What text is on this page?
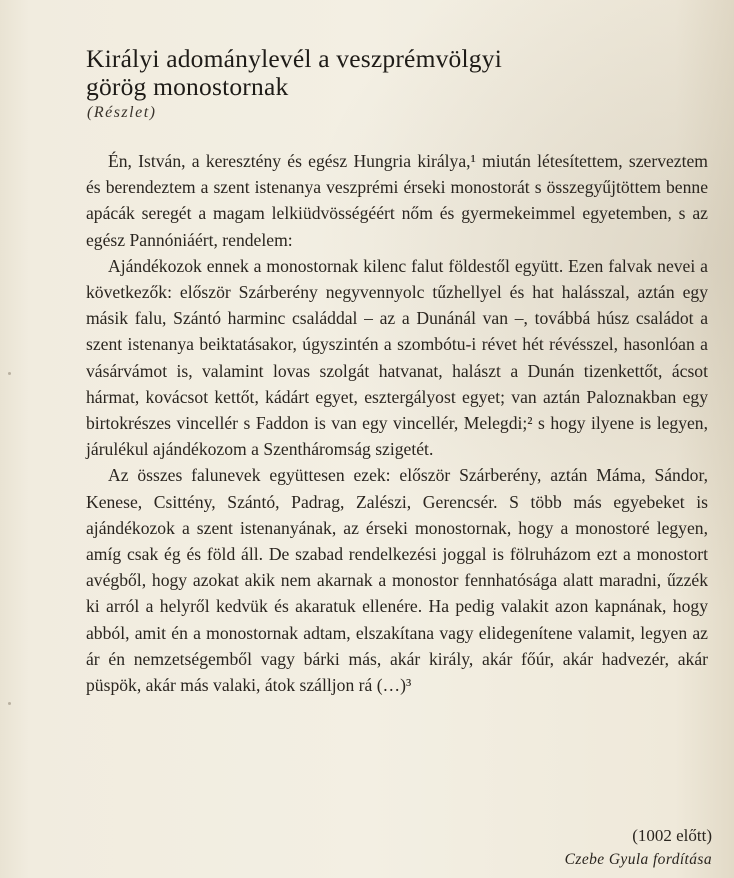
Királyi adománylevél a veszprémvölgyi
görög monostornak
(Részlet)

Én, István, a keresztény és egész Hungria királya,¹ miután létesítettem, szerveztem és berendeztem a szent istenanya veszprémi érseki monostorát s összegyűjtöttem benne apácák seregét a magam lelkiüdvösségéért nőm és gyermekeimmel egyetemben, s az egész Pannóniáért, rendelem:

Ajándékozok ennek a monostornak kilenc falut földestől együtt. Ezen falvak nevei a következők: először Szárberény negyvennyolc tűzhellyel és hat halásszal, aztán egy másik falu, Szántó harminc családdal – az a Dunánál van –, továbbá húsz családot a szent istenanya beiktatásakor, úgyszintén a szombótu-i révet hét révésszel, hasonlóan a vásárvámot is, valamint lovas szolgát hatvanat, halászt a Dunán tizenkettőt, ácsot hármat, kovácsot kettőt, kádárt egyet, esztergályost egyet; van aztán Paloznakban egy birtokrészes vincellér s Faddon is van egy vincellér, Melegdi;² s hogy ilyene is legyen, járulékul ajándékozom a Szentháromság szigetét.

Az összes falunevek együttesen ezek: először Szárberény, aztán Máma, Sándor, Kenese, Csittény, Szántó, Padrag, Zalészi, Gerencsér. S több más egyebeket is ajándékozok a szent istenanyának, az érseki monostornak, hogy a monostoré legyen, amíg csak ég és föld áll. De szabad rendelkezési joggal is fölruházom ezt a monostort avégből, hogy azokat akik nem akarnak a monostor fennhatósága alatt maradni, űzzék ki arról a helyről kedvük és akaratuk ellenére. Ha pedig valakit azon kapnának, hogy abból, amit én a monostornak adtam, elszakítana vagy elidegenítene valamit, legyen az ár én nemzetségemből vagy bárki más, akár király, akár főúr, akár hadvezér, akár püspök, akár más valaki, átok szálljon rá (…)³

(1002 előtt)
Czebe Gyula fordítása
